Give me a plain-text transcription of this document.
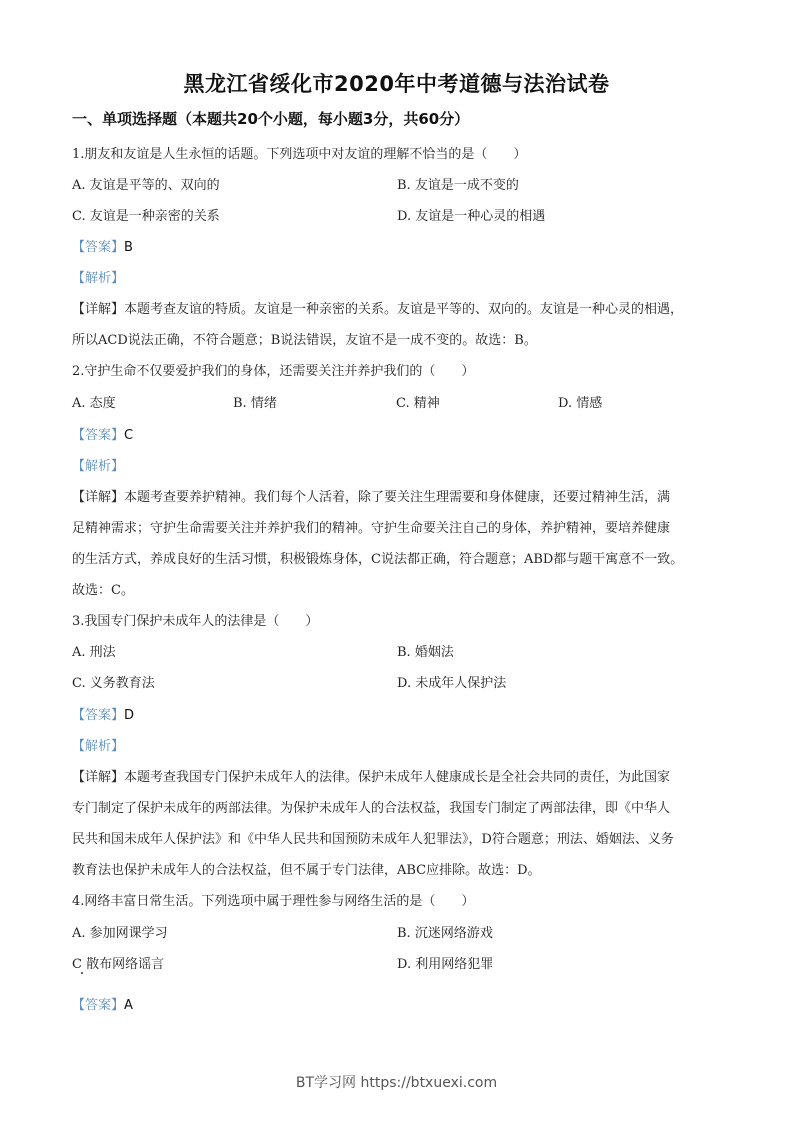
黑龙江省绥化市2020年中考道德与法治试卷
一、单项选择题（本题共20个小题，每小题3分，共60分）
1.朋友和友谊是人生永恒的话题。下列选项中对友谊的理解不恰当的是（　　）
A. 友谊是平等的、双向的	B. 友谊是一成不变的
C. 友谊是一种亲密的关系	D. 友谊是一种心灵的相遇
【答案】B
【解析】
【详解】本题考查友谊的特质。友谊是一种亲密的关系。友谊是平等的、双向的。友谊是一种心灵的相遇，
所以ACD说法正确，不符合题意；B说法错误，友谊不是一成不变的。故选：B。
2.守护生命不仅要爱护我们的身体，还需要关注并养护我们的（　　）
A. 态度	B. 情绪	C. 精神	D. 情感
【答案】C
【解析】
【详解】本题考查要养护精神。我们每个人活着，除了要关注生理需要和身体健康，还要过精神生活，满
足精神需求；守护生命需要关注并养护我们的精神。守护生命要关注自己的身体，养护精神，要培养健康
的生活方式，养成良好的生活习惯，积极锻炼身体，C说法都正确，符合题意；ABD都与题干寓意不一致。
故选：C。
3.我国专门保护未成年人的法律是（　　）
A. 刑法	B. 婚姻法
C. 义务教育法	D. 未成年人保护法
【答案】D
【解析】
【详解】本题考查我国专门保护未成年人的法律。保护未成年人健康成长是全社会共同的责任，为此国家
专门制定了保护未成年的两部法律。为保护未成年人的合法权益，我国专门制定了两部法律，即《中华人
民共和国未成年人保护法》和《中华人民共和国预防未成年人犯罪法》，D符合题意；刑法、婚姻法、义务
教育法也保护未成年人的合法权益，但不属于专门法律，ABC应排除。故选：D。
4.网络丰富日常生活。下列选项中属于理性参与网络生活的是（　　）
A. 参加网课学习	B. 沉迷网络游戏
C 散布网络谣言	D. 利用网络犯罪
【答案】A
BT学习网 https://btxuexi.com
